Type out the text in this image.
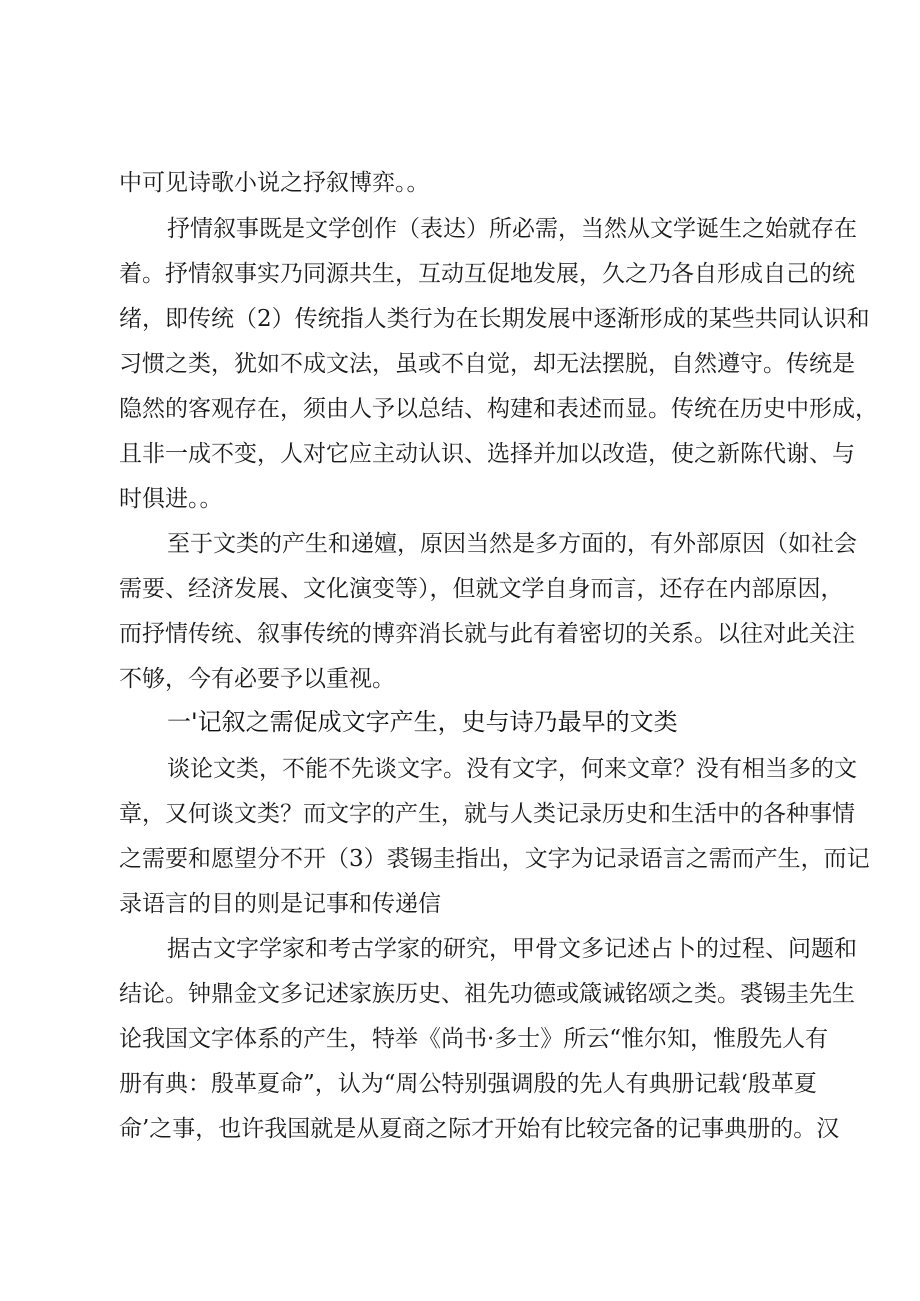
中可见诗歌小说之抒叙博弈。。
抒情叙事既是文学创作（表达）所必需，当然从文学诞生之始就存在
着。抒情叙事实乃同源共生，互动互促地发展，久之乃各自形成自己的统
绪，即传统（2）传统指人类行为在长期发展中逐渐形成的某些共同认识和
习惯之类，犹如不成文法，虽或不自觉，却无法摆脱，自然遵守。传统是
隐然的客观存在，须由人予以总结、构建和表述而显。传统在历史中形成，
且非一成不变，人对它应主动认识、选择并加以改造，使之新陈代谢、与
时俱进。。
至于文类的产生和递嬗，原因当然是多方面的，有外部原因（如社会
需要、经济发展、文化演变等），但就文学自身而言，还存在内部原因，
而抒情传统、叙事传统的博弈消长就与此有着密切的关系。以往对此关注
不够，今有必要予以重视。
一'记叙之需促成文字产生，史与诗乃最早的文类
谈论文类，不能不先谈文字。没有文字，何来文章？没有相当多的文
章，又何谈文类？而文字的产生，就与人类记录历史和生活中的各种事情
之需要和愿望分不开（3）裘锡圭指出，文字为记录语言之需而产生，而记
录语言的目的则是记事和传递信
据古文字学家和考古学家的研究，甲骨文多记述占卜的过程、问题和
结论。钟鼎金文多记述家族历史、祖先功德或箴诫铭颂之类。裘锡圭先生
论我国文字体系的产生，特举《尚书·多士》所云“惟尔知，惟殷先人有
册有典：殷革夏命”，认为“周公特别强调殷的先人有典册记载‘殷革夏
命’之事，也许我国就是从夏商之际才开始有比较完备的记事典册的。汉
